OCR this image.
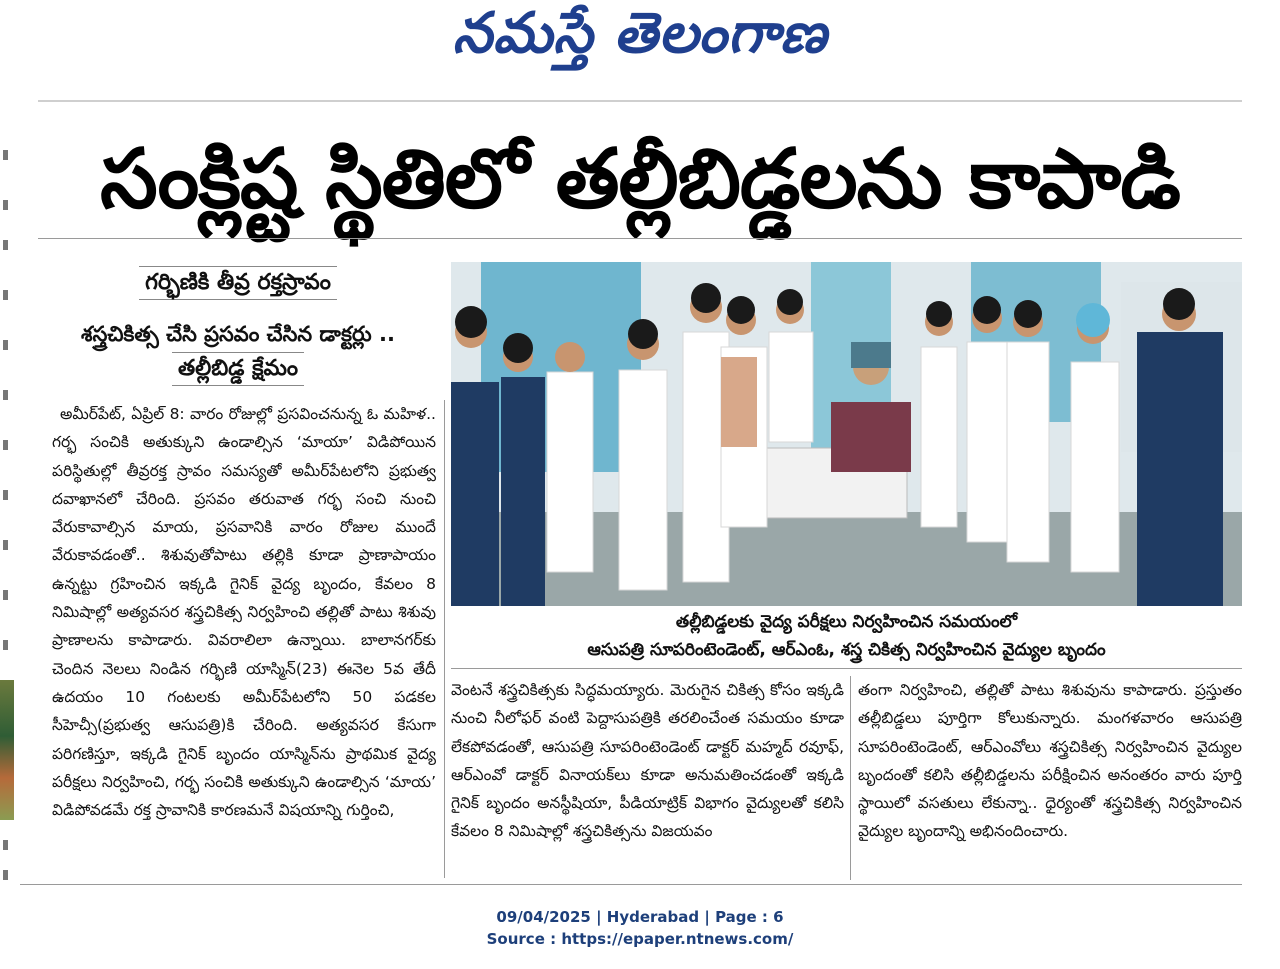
నమస్తే తెలంగాణ
సంక్లిష్ట స్థితిలో తల్లీబిడ్డలను కాపాడి
గర్భిణికి తీవ్ర రక్తస్రావం
శస్త్రచికిత్స చేసి ప్రసవం చేసిన డాక్టర్లు ..
తల్లీబిడ్డ క్షేమం
తల్లీబిడ్డలకు వైద్య పరీక్షలు నిర్వహించిన సమయంలో
ఆసుపత్రి సూపరింటెండెంట్, ఆర్‌ఎంఓ, శస్త్ర చికిత్స నిర్వహించిన వైద్యుల బృందం
అమీర్‌పేట్, ఏప్రిల్ 8: వారం రోజుల్లో ప్రసవించనున్న ఓ మహిళ.. గర్భ సంచికి అతుక్కుని ఉండాల్సిన ‘మాయా’ విడిపోయిన పరిస్థితుల్లో తీవ్రరక్త స్రావం సమస్యతో అమీర్‌పేటలోని ప్రభుత్వ దవాఖానలో చేరింది. ప్రసవం తరువాత గర్భ సంచి నుంచి వేరుకావాల్సిన మాయ, ప్రసవానికి వారం రోజుల ముందే వేరుకావడంతో.. శిశువుతోపాటు తల్లికి కూడా ప్రాణాపాయం ఉన్నట్టు గ్రహించిన ఇక్కడి గైనిక్ వైద్య బృందం, కేవలం 8 నిమిషాల్లో అత్యవసర శస్త్రచికిత్స నిర్వహించి తల్లితో పాటు శిశువు ప్రాణాలను కాపాడారు. వివరాలిలా ఉన్నాయి. బాలానగర్‌కు చెందిన నెలలు నిండిన గర్భిణి యాస్మిన్(23) ఈనెల 5వ తేదీ ఉదయం 10 గంటలకు అమీర్‌పేటలోని 50 పడకల సీహెచ్సీ(ప్రభుత్వ ఆసుపత్రి)కి చేరింది. అత్యవసర కేసుగా పరిగణిస్తూ, ఇక్కడి గైనిక్ బృందం యాస్మిన్‌ను ప్రాథమిక వైద్య పరీక్షలు నిర్వహించి, గర్భ సంచికి అతుక్కుని ఉండాల్సిన ‘మాయ’ విడిపోవడమే రక్త స్రావానికి కారణమనే విషయాన్ని గుర్తించి,
వెంటనే శస్త్రచికిత్సకు సిద్ధమయ్యారు. మెరుగైన చికిత్స కోసం ఇక్కడి నుంచి నీలోఫర్ వంటి పెద్దాసుపత్రికి తరలించేంత సమయం కూడా లేకపోవడంతో, ఆసుపత్రి సూపరింటెండెంట్ డాక్టర్ మహ్మద్ రవూఫ్, ఆర్‌ఎంవో డాక్టర్ వినాయక్‌లు కూడా అనుమతించడంతో ఇక్కడి గైనిక్ బృందం అనస్థీషియా, పీడియాట్రిక్ విభాగం వైద్యులతో కలిసి కేవలం 8 నిమిషాల్లో శస్త్రచికిత్సను విజయవం
తంగా నిర్వహించి, తల్లితో పాటు శిశువును కాపాడారు. ప్రస్తుతం తల్లీబిడ్డలు పూర్తిగా కోలుకున్నారు. మంగళవారం ఆసుపత్రి సూపరింటెండెంట్, ఆర్‌ఎంవోలు శస్త్రచికిత్స నిర్వహించిన వైద్యుల బృందంతో కలిసి తల్లీబిడ్డలను పరీక్షించిన అనంతరం వారు పూర్తి స్థాయిలో వసతులు లేకున్నా.. ధైర్యంతో శస్త్రచికిత్స నిర్వహించిన వైద్యుల బృందాన్ని అభినందించారు.
09/04/2025 | Hyderabad | Page : 6
Source : https://epaper.ntnews.com/
